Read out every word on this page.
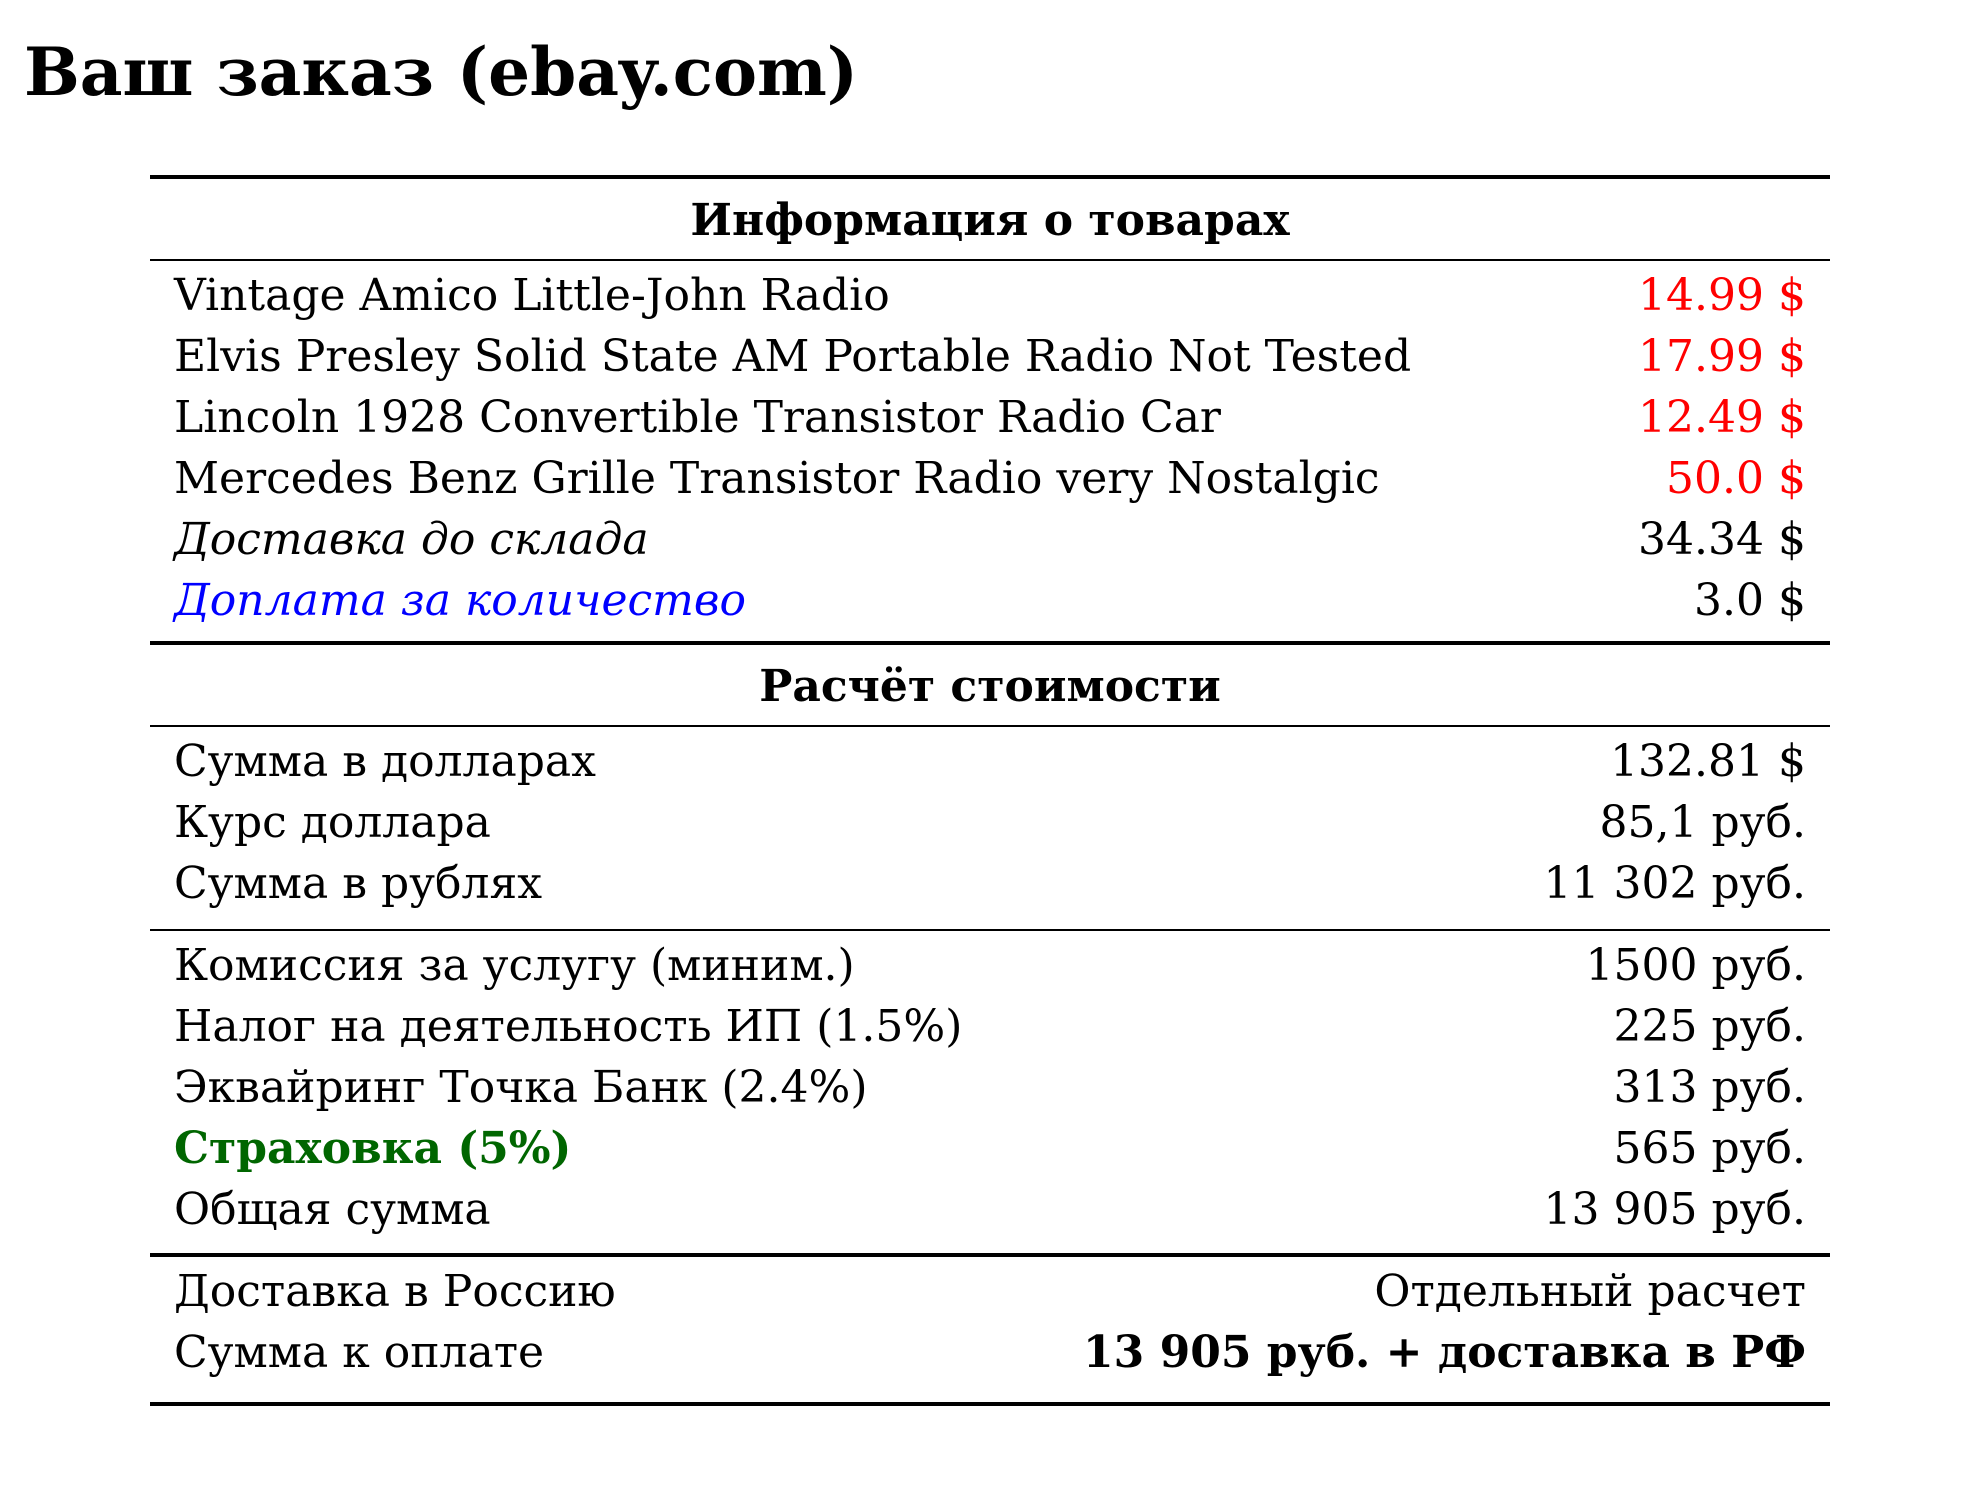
Ваш заказ (ebay.com)
Информация о товарах
Vintage Amico Little-John Radio	14.99 $
Elvis Presley Solid State AM Portable Radio Not Tested	17.99 $
Lincoln 1928 Convertible Transistor Radio Car	12.49 $
Mercedes Benz Grille Transistor Radio very Nostalgic	50.0 $
Доставка до склада	34.34 $
Доплата за количество	3.0 $
Расчёт стоимости
Сумма в долларах	132.81 $
Курс доллара	85,1 руб.
Сумма в рублях	11 302 руб.
Комиссия за услугу (миним.)	1500 руб.
Налог на деятельность ИП (1.5%)	225 руб.
Эквайринг Точка Банк (2.4%)	313 руб.
Страховка (5%)	565 руб.
Общая сумма	13 905 руб.
Доставка в Россию	Отдельный расчет
Сумма к оплате	13 905 руб. + доставка в РФ
